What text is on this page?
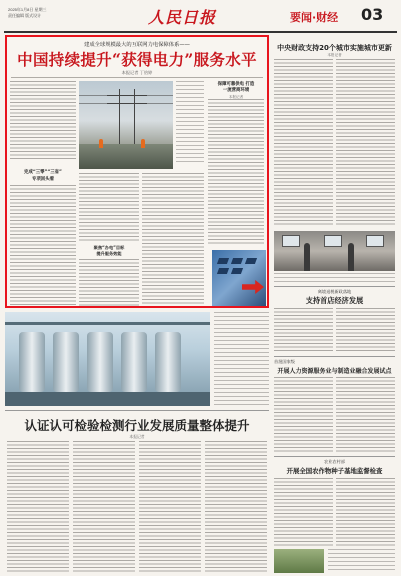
2025年1月8日 星期三
责任编辑 版式设计	人民日报	要闻·财经 03
建成全球规模最大的互联网力电保障体系——
中国持续提升“获得电力”服务水平
本报记者 丁怡婷
完成“三零”“三省”
专项回头看
聚焦“办电”目标
提升服务效能
保障可靠供电 打造
一流营商环境
本报记者
中央财政支持20个城市实施城市更新
本报记者
离境退税新政落地
支持首店经济发展
首批国家级
开展人力资源服务业与制造业融合发展试点
农业农村部
开展全国农作物种子基地监督检查
认证认可检验检测行业发展质量整体提升
本报记者
